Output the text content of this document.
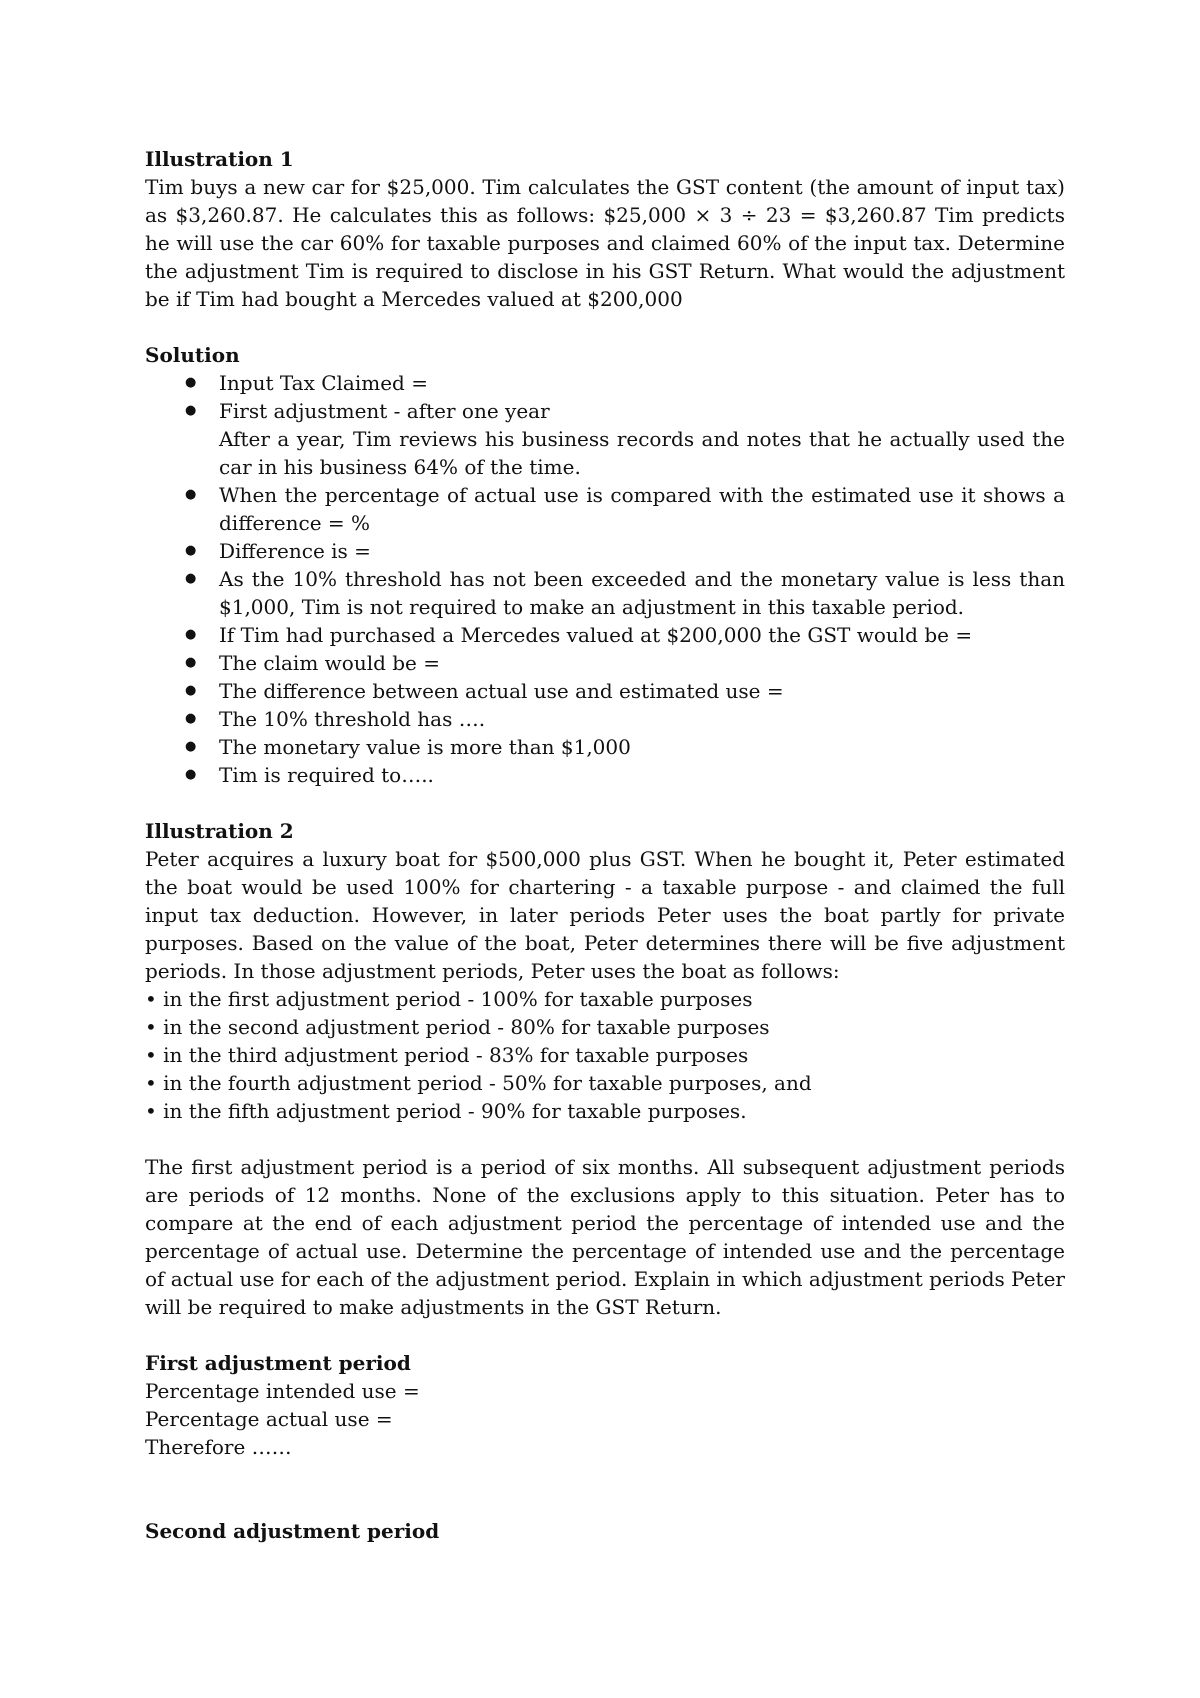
Illustration 1

Tim buys a new car for $25,000. Tim calculates the GST content (the amount of input tax) as $3,260.87. He calculates this as follows: $25,000 × 3 ÷ 23 = $3,260.87 Tim predicts he will use the car 60% for taxable purposes and claimed 60% of the input tax. Determine the adjustment Tim is required to disclose in his GST Return. What would the adjustment be if Tim had bought a Mercedes valued at $200,000

Solution

● Input Tax Claimed =
● First adjustment - after one year
After a year, Tim reviews his business records and notes that he actually used the car in his business 64% of the time.
● When the percentage of actual use is compared with the estimated use it shows a difference = %
● Difference is =
● As the 10% threshold has not been exceeded and the monetary value is less than $1,000, Tim is not required to make an adjustment in this taxable period.
● If Tim had purchased a Mercedes valued at $200,000 the GST would be =
● The claim would be =
● The difference between actual use and estimated use =
● The 10% threshold has ….
● The monetary value is more than $1,000
● Tim is required to…..

Illustration 2

Peter acquires a luxury boat for $500,000 plus GST. When he bought it, Peter estimated the boat would be used 100% for chartering - a taxable purpose - and claimed the full input tax deduction. However, in later periods Peter uses the boat partly for private purposes. Based on the value of the boat, Peter determines there will be five adjustment periods. In those adjustment periods, Peter uses the boat as follows:

• in the first adjustment period - 100% for taxable purposes

• in the second adjustment period - 80% for taxable purposes

• in the third adjustment period - 83% for taxable purposes

• in the fourth adjustment period - 50% for taxable purposes, and

• in the fifth adjustment period - 90% for taxable purposes.

The first adjustment period is a period of six months. All subsequent adjustment periods are periods of 12 months. None of the exclusions apply to this situation. Peter has to compare at the end of each adjustment period the percentage of intended use and the percentage of actual use. Determine the percentage of intended use and the percentage of actual use for each of the adjustment period. Explain in which adjustment periods Peter will be required to make adjustments in the GST Return.

First adjustment period

Percentage intended use =

Percentage actual use =

Therefore ……

Second adjustment period
